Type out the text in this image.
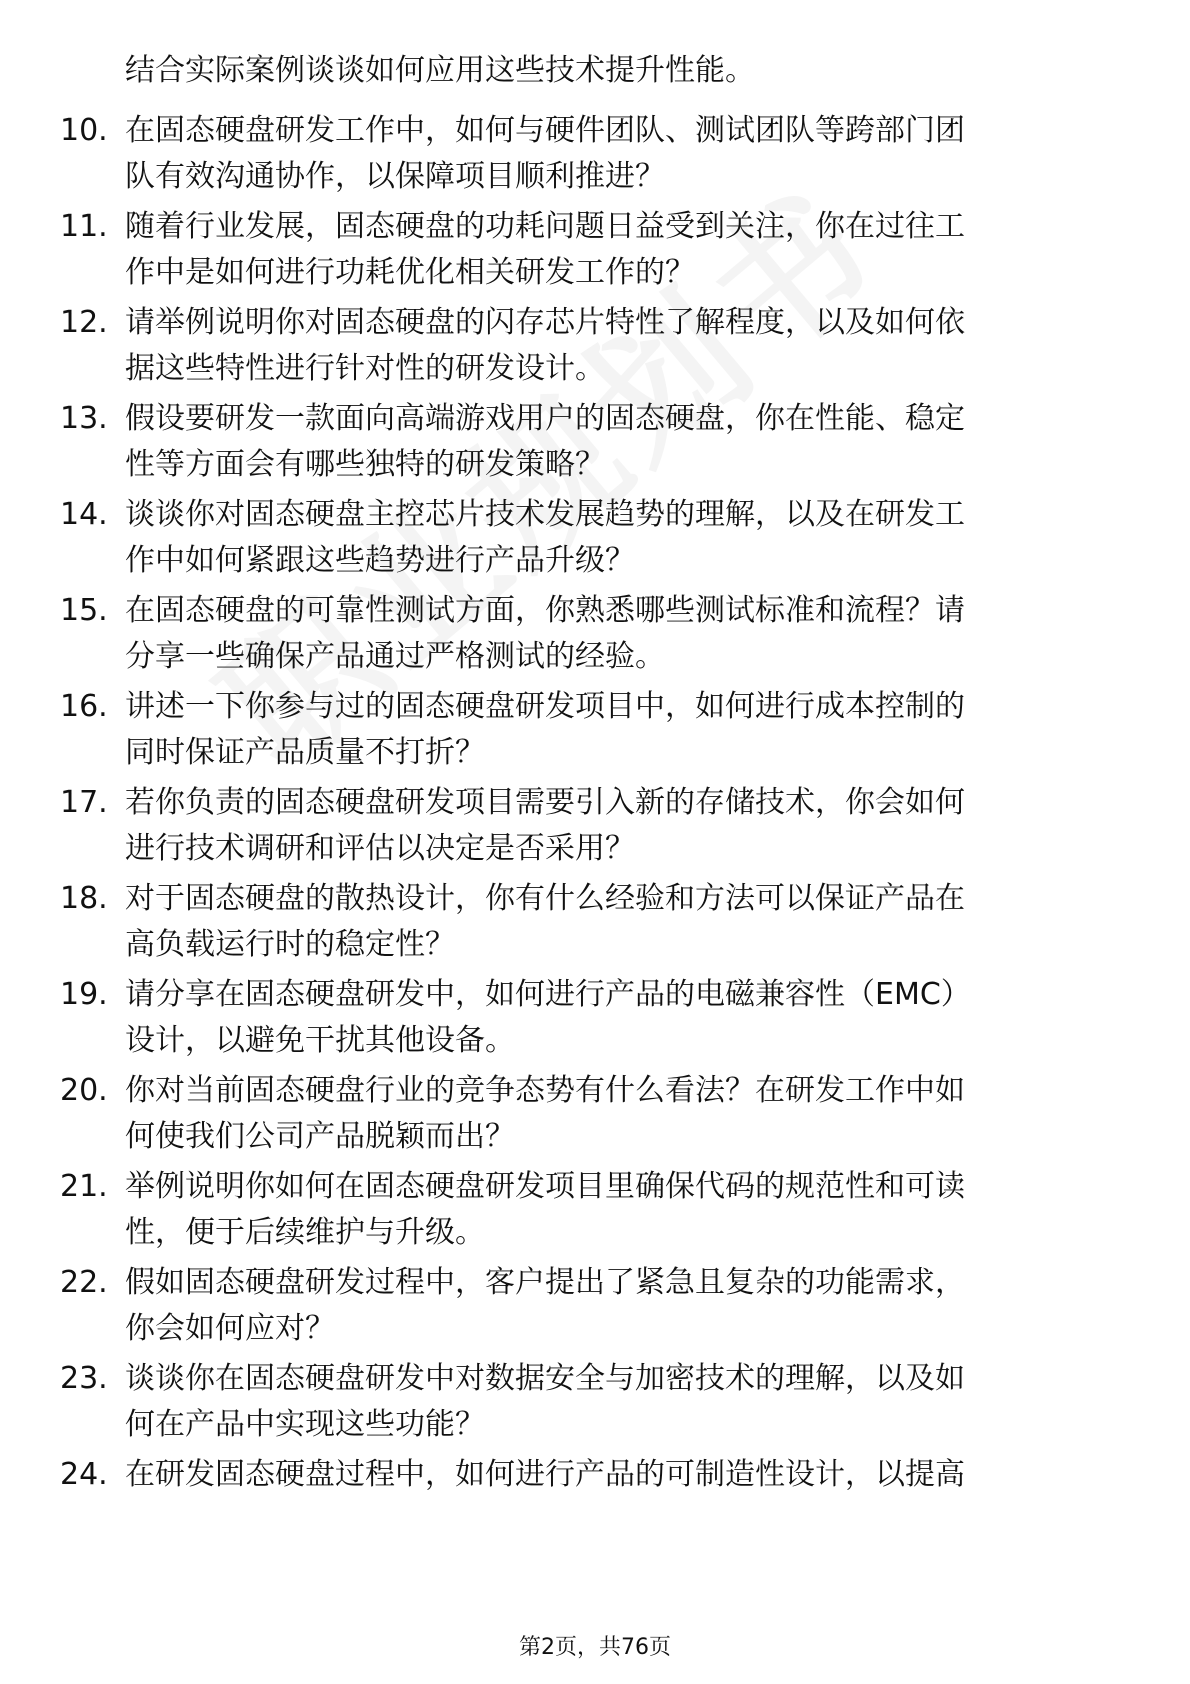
结合实际案例谈谈如何应用这些技术提升性能。
10. 在固态硬盘研发工作中，如何与硬件团队、测试团队等跨部门团
队有效沟通协作，以保障项目顺利推进？
11. 随着行业发展，固态硬盘的功耗问题日益受到关注，你在过往工
作中是如何进行功耗优化相关研发工作的？
12. 请举例说明你对固态硬盘的闪存芯片特性了解程度，以及如何依
据这些特性进行针对性的研发设计。
13. 假设要研发一款面向高端游戏用户的固态硬盘，你在性能、稳定
性等方面会有哪些独特的研发策略？
14. 谈谈你对固态硬盘主控芯片技术发展趋势的理解，以及在研发工
作中如何紧跟这些趋势进行产品升级？
15. 在固态硬盘的可靠性测试方面，你熟悉哪些测试标准和流程？请
分享一些确保产品通过严格测试的经验。
16. 讲述一下你参与过的固态硬盘研发项目中，如何进行成本控制的
同时保证产品质量不打折？
17. 若你负责的固态硬盘研发项目需要引入新的存储技术，你会如何
进行技术调研和评估以决定是否采用？
18. 对于固态硬盘的散热设计，你有什么经验和方法可以保证产品在
高负载运行时的稳定性？
19. 请分享在固态硬盘研发中，如何进行产品的电磁兼容性（EMC）
设计，以避免干扰其他设备。
20. 你对当前固态硬盘行业的竞争态势有什么看法？在研发工作中如
何使我们公司产品脱颖而出？
21. 举例说明你如何在固态硬盘研发项目里确保代码的规范性和可读
性，便于后续维护与升级。
22. 假如固态硬盘研发过程中，客户提出了紧急且复杂的功能需求，
你会如何应对？
23. 谈谈你在固态硬盘研发中对数据安全与加密技术的理解，以及如
何在产品中实现这些功能？
24. 在研发固态硬盘过程中，如何进行产品的可制造性设计，以提高
第2页，共76页
